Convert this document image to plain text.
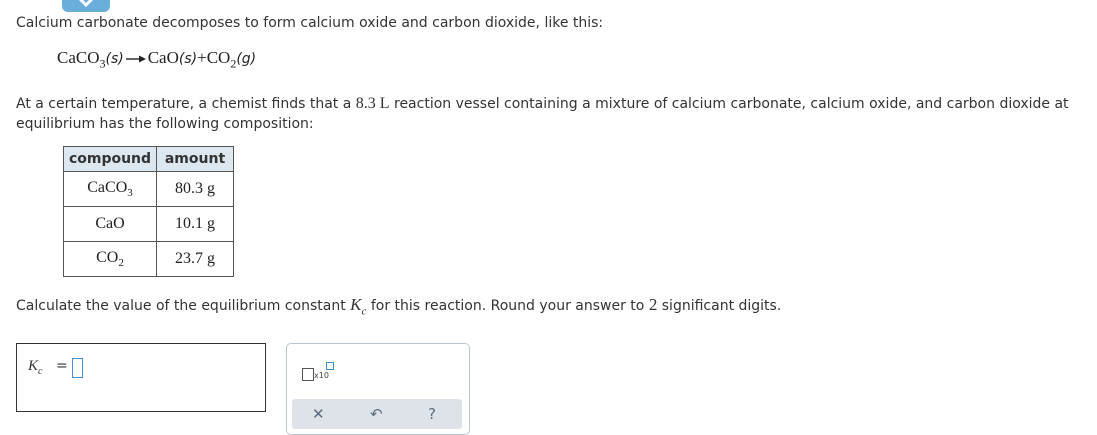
Calcium carbonate decomposes to form calcium oxide and carbon dioxide, like this:
CaCO$_3$(s) → $CaO(s)+CO_2(g)$
At a certain temperature, a chemist finds that a 8.3 L reaction vessel containing a mixture of calcium carbonate, calcium oxide, and carbon dioxide at equilibrium has the following composition:
compound	amount
CaCO$_3$	80.3 g
CaO	10.1 g
$CO_2$	23.7 g
Calculate the value of the equilibrium constant $K_c$ for this reaction. Round your answer to 2 significant digits.
$K_c$ =
x10
✕	↶	?
